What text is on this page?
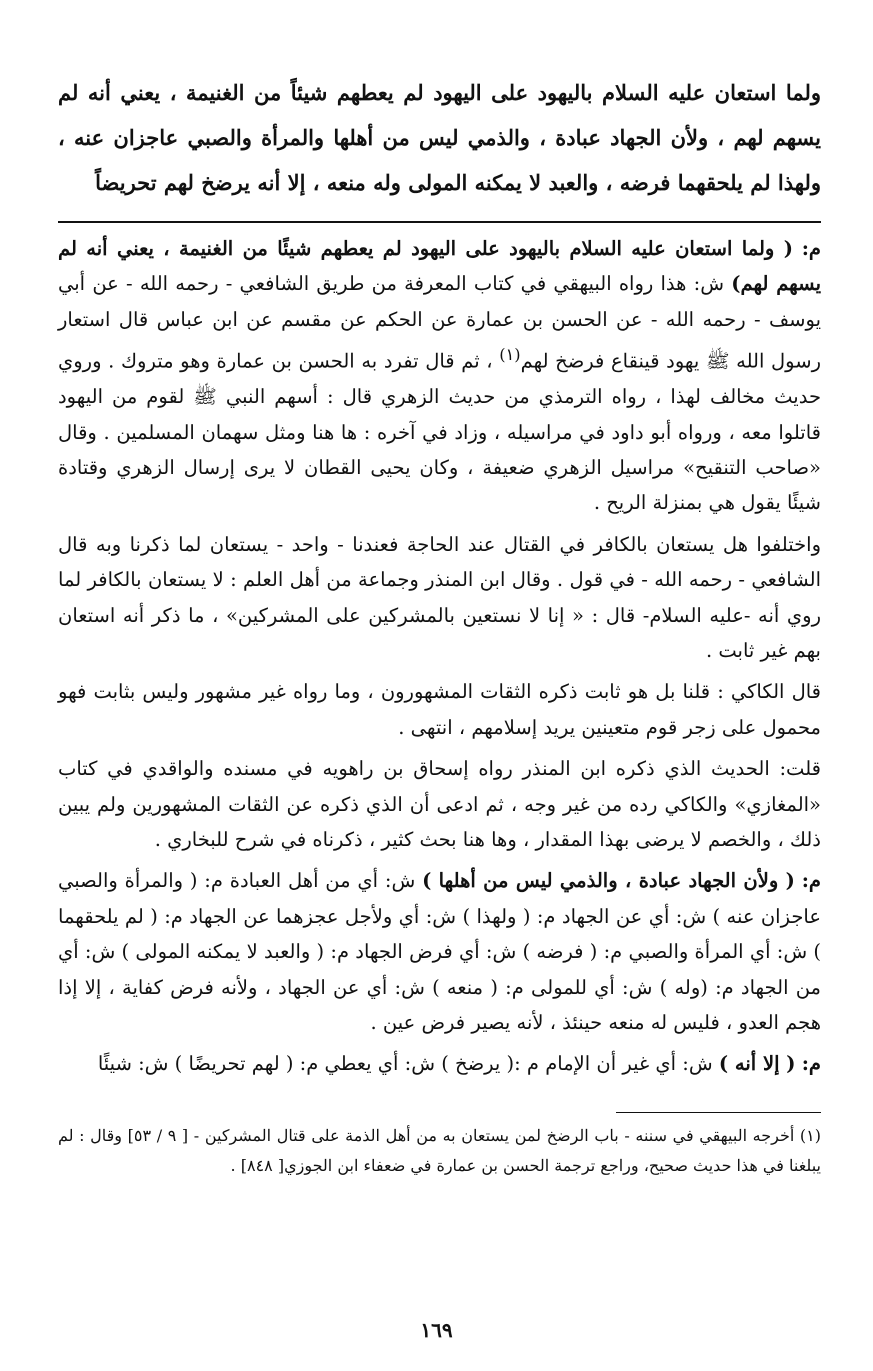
ولما استعان عليه السلام باليهود على اليهود لم يعطهم شيئاً من الغنيمة ، يعني أنه لم يسهم لهم ، ولأن الجهاد عبادة ، والذمي ليس من أهلها والمرأة والصبي عاجزان عنه ، ولهذا لم يلحقهما فرضه ، والعبد لا يمكنه المولى وله منعه ، إلا أنه يرضخ لهم تحريضاً

م: ( ولما استعان عليه السلام باليهود على اليهود لم يعطهم شيئًا من الغنيمة ، يعني أنه لم يسهم لهم) ش: هذا رواه البيهقي في كتاب المعرفة من طريق الشافعي - رحمه الله - عن أبي يوسف - رحمه الله - عن الحسن بن عمارة عن الحكم عن مقسم عن ابن عباس قال استعار رسول الله ﷺ يهود قينقاع فرضخ لهم$^{(١)}$ ، ثم قال تفرد به الحسن بن عمارة وهو متروك . وروي حديث مخالف لهذا ، رواه الترمذي من حديث الزهري قال : أسهم النبي ﷺ لقوم من اليهود قاتلوا معه ، ورواه أبو داود في مراسيله ، وزاد في آخره : ها هنا ومثل سهمان المسلمين . وقال «صاحب التنقيح» مراسيل الزهري ضعيفة ، وكان يحيى القطان لا يرى إرسال الزهري وقتادة شيئًا يقول هي بمنزلة الريح .

واختلفوا هل يستعان بالكافر في القتال عند الحاجة فعندنا - واحد - يستعان لما ذكرنا وبه قال الشافعي - رحمه الله - في قول . وقال ابن المنذر وجماعة من أهل العلم : لا يستعان بالكافر لما روي أنه -عليه السلام- قال : « إنا لا نستعين بالمشركين على المشركين» ، ما ذكر أنه استعان بهم غير ثابت .

قال الكاكي : قلنا بل هو ثابت ذكره الثقات المشهورون ، وما رواه غير مشهور وليس بثابت فهو محمول على زجر قوم متعينين يريد إسلامهم ، انتهى .

قلت: الحديث الذي ذكره ابن المنذر رواه إسحاق بن راهويه في مسنده والواقدي في كتاب «المغازي» والكاكي رده من غير وجه ، ثم ادعى أن الذي ذكره عن الثقات المشهورين ولم يبين ذلك ، والخصم لا يرضى بهذا المقدار ، وها هنا بحث كثير ، ذكرناه في شرح للبخاري .

م: ( ولأن الجهاد عبادة ، والذمي ليس من أهلها ) ش: أي من أهل العبادة م: ( والمرأة والصبي عاجزان عنه ) ش: أي عن الجهاد م: ( ولهذا ) ش: أي ولأجل عجزهما عن الجهاد م: ( لم يلحقهما ) ش: أي المرأة والصبي م: ( فرضه ) ش: أي فرض الجهاد م: ( والعبد لا يمكنه المولى ) ش: أي من الجهاد م: (وله ) ش: أي للمولى م: ( منعه ) ش: أي عن الجهاد ، ولأنه فرض كفاية ، إلا إذا هجم العدو ، فليس له منعه حينئذ ، لأنه يصير فرض عين .

م: ( إلا أنه ) ش: أي غير أن الإمام م :( يرضخ ) ش: أي يعطي م: ( لهم تحريضًا ) ش: شيئًا

(١) أخرجه البيهقي في سننه - باب الرضخ لمن يستعان به من أهل الذمة على قتال المشركين - [ ٩ / ٥٣] وقال : لم يبلغنا في هذا حديث صحيح، وراجع ترجمة الحسن بن عمارة في ضعفاء ابن الجوزي[ ٨٤٨] .
١٦٩
